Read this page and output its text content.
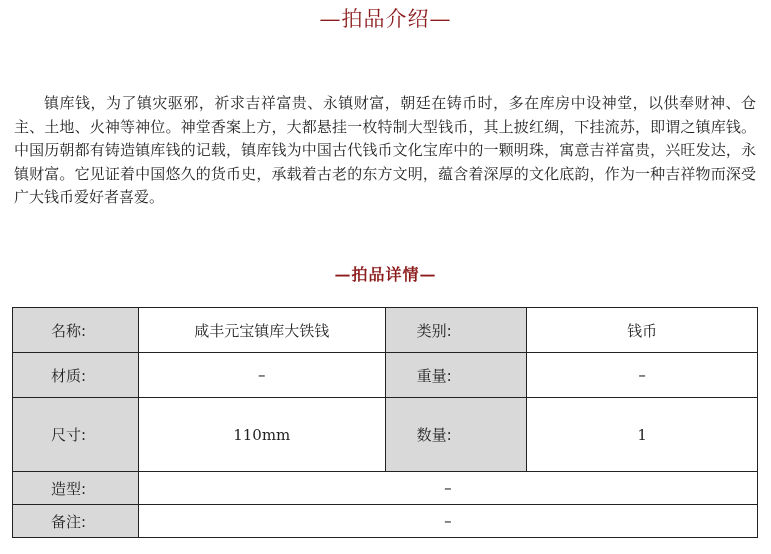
—拍品介绍—

镇库钱，为了镇灾驱邪，祈求吉祥富贵、永镇财富，朝廷在铸币时，多在库房中设神堂，以供奉财神、仓主、土地、火神等神位。神堂香案上方，大都悬挂一枚特制大型钱币，其上披红绸，下挂流苏，即谓之镇库钱。中国历朝都有铸造镇库钱的记载，镇库钱为中国古代钱币文化宝库中的一颗明珠，寓意吉祥富贵，兴旺发达，永镇财富。它见证着中国悠久的货币史，承载着古老的东方文明，蕴含着深厚的文化底韵，作为一种吉祥物而深受广大钱币爱好者喜爱。

—拍品详情—
名称:	咸丰元宝镇库大铁钱	类别:	钱币
材质:	–	重量:	–
尺寸:	110mm	数量:	1
造型:	–		
备注:	–		
